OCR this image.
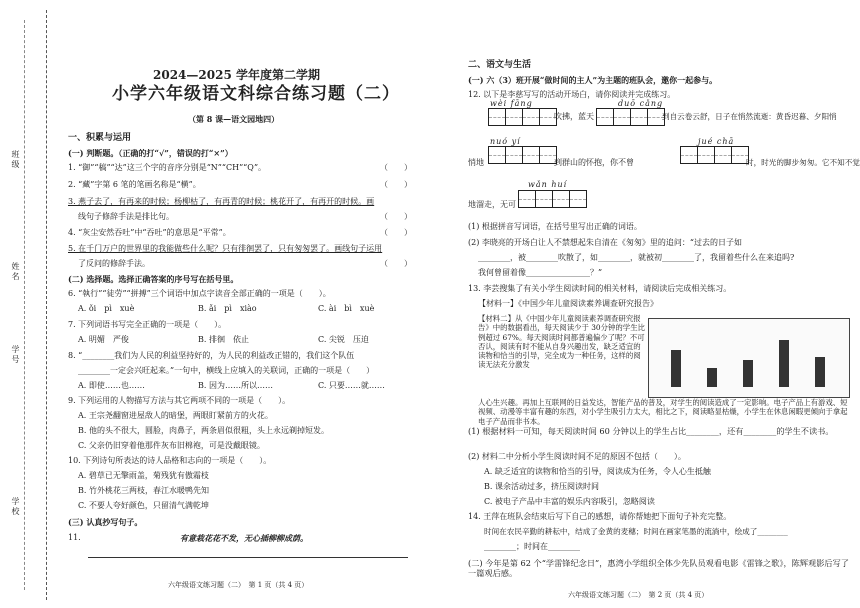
班级
姓名
学号
学校
2024—2025 学年度第二学期
小学六年级语文科综合练习题（二）
（第 8 课—语文园地四）
一、积累与运用
(一) 判断题。（正确的打“√”，错误的打“×”）
1. “御”“稿”“达”这三个字的音序分别是“N”“CH”“Q”。	（　　）
2. “藏”字第 6 笔的笔画名称是“横”。	（　　）
3. 燕子去了，有再来的时候；杨柳枯了，有再青的时候；桃花开了，有再开的时候。画
线句子修辞手法是排比句。	（　　）
4. “灰尘安然吞吐”中“吞吐”的意思是“平常”。	（　　）
5. 在千门万户的世界里的我能做些什么呢？只有徘徊罢了，只有匆匆罢了。画线句子运用
了反问的修辞手法。	（　　）
(二) 选择题。选择正确答案的序号写在括号里。
6. “執行”“徒劳”“拼搏”三个词语中加点字读音全部正确的一项是（　　）。
A. ǒi　pì　xuè	B. ǎi　pì　xiào	C. ài　bì　xuè
7. 下列词语书写完全正确的一项是（　　）。
A. 明媚　严俊	B. 排徊　依止	C. 尖锐　压迫
8. “________我们为人民的利益坚持好的，为人民的利益改正错的，我们这个队伍
________一定会兴旺起来。”一句中，横线上应填入的关联词，正确的一项是（　　）
A. 即使……也……	B. 因为……所以……	C. 只要……就……
9. 下列运用的人物描写方法与其它两项不同的一项是（　　）。
A. 王宗尧翻窗进屋敌人的暗堡，两眼盯紧前方的火花。
B. 他的头不很大，圆脸，肉鼻子，两条眉似很粗，头上永远剃掉短发。
C. 父亲仍旧穿着他那件灰布旧棉袍，可是没戴眼镜。
10. 下列诗句所表达的诗人品格和志向的一项是（　　）。
A. 碧草已无擎雨盖，菊残犹有傲霜枝
B. 竹外桃花三两枝，春江水暖鸭先知
C. 不要人夸好颜色，只留清气满乾坤
(三) 认真抄写句子。
11.	有意栽花花不发，无心插柳柳成荫。
六年级语文练习题（二）　第 1 页（共 4 页）
二、语文与生活
(一) 六（3）班开展“做时间的主人”为主题的班队会，邀你一起参与。
12. 以下是李慈写写的活动开场白，请你阅读并完成练习。
wèi fāng
吹拂，蓝天
duō cǎng
到自云卷云舒，日子在悄然流逝：黄昏迟暮、夕阳悄
nuó yí
悄地	到群山的怀抱，你不曾
jué chā
时，时光的脚步匆匆。它不知不觉
wǎn huí
地溜走，无可
(1) 根据拼音写词语，在括号里写出正确的词语。
(2) 李晓亮的开场白让人不禁想起朱自清在《匆匆》里的追问：“过去的日子如
________，被________吹散了，如________，就被初________了，我留着些什么在来追吗?
我何曾留着像________________？”
13. 李芸搜集了有关小学生阅读时间的相关材料，请阅读后完成相关练习。
【材料一】《中国少年儿童阅读素养调查研究报告》
【材料二】从《中国少年儿童阅读素养调查研究报告》中的数据看出，每天阅读少于 30分钟的学生比例超过 67%。每天阅读时间都普遍偏少了呢？不可否认，阅读有时不能从自身兴趣出发，缺乏适宜的读物和恰当的引导，完全成为一种任务，这样的阅读无法充分激发
人心生兴趣。再加上互联网的日益发达，智能产品的普及，对学生的阅读造成了一定影响。电子产品上有游戏、短视频、动漫等丰富有趣的东西，对小学生吸引力太大，相比之下，阅读略显枯燥，小学生在休息闲暇更倾向于拿起电子产品而非书本。
(1) 根据材料一可知，每天阅读时间 60 分钟以上的学生占比________，还有________的学生不读书。
(2) 材料二中分析小学生阅读时间不足的原因不包括（　　）。
A. 缺乏适宜的读物和恰当的引导，阅读成为任务，令人心生抵触
B. 课余活动过多，挤压阅读时间
C. 被电子产品中丰富的娱乐内容吸引，忽略阅读
14. 王萍在班队会结束后写下自己的感想，请你帮她把下面句子补充完整。
时间在农民辛勤的耕耘中，结成了金黄的麦穗；时间在画家笔墨的流淌中，绘成了________
________；时间在________
(二) 今年是第 62 个“学雷锋纪念日”，惠湾小学组织全体少先队员观看电影《雷锋之歌》，陈辉观影后写了一篇观后感。
六年级语文练习题（二）　第 2 页（共 4 页）
